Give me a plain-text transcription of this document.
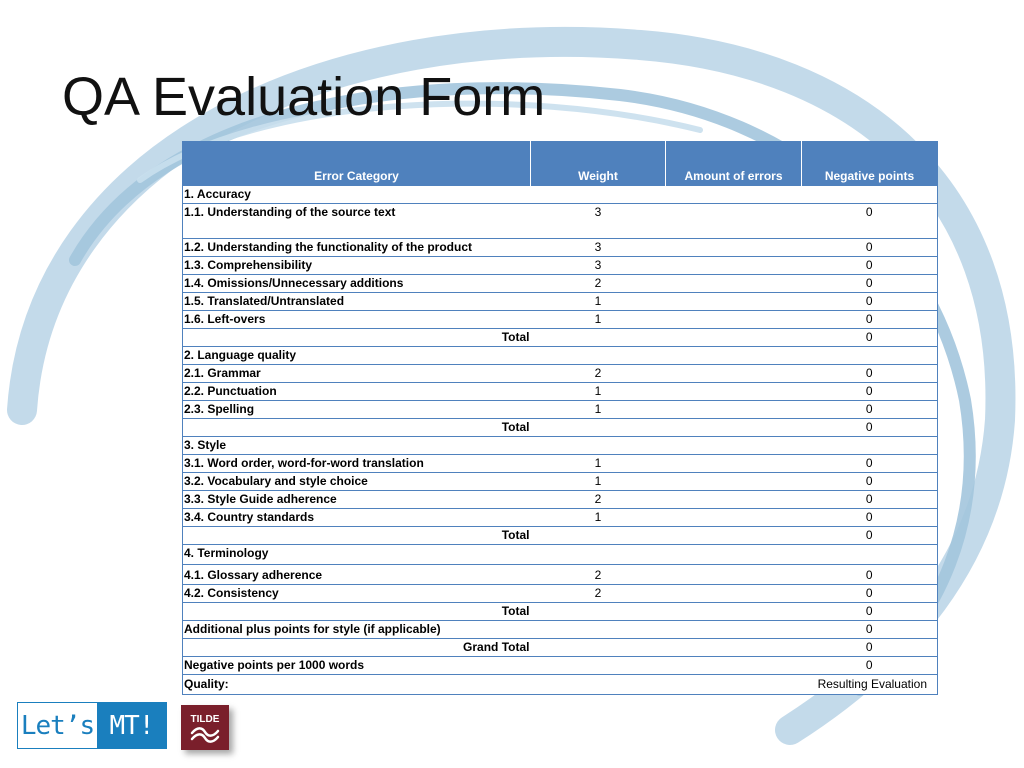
QA Evaluation Form
Error Category	Weight	Amount of errors	Negative points
1. Accuracy			
1.1. Understanding of the source text	3		0
1.2. Understanding the functionality of the product	3		0
1.3. Comprehensibility	3		0
1.4. Omissions/Unnecessary additions	2		0
1.5. Translated/Untranslated	1		0
1.6. Left-overs	1		0
Total			0
2. Language quality			
2.1. Grammar	2		0
2.2. Punctuation	1		0
2.3. Spelling	1		0
Total			0
3. Style			
3.1. Word order, word-for-word translation	1		0
3.2. Vocabulary and style choice	1		0
3.3. Style Guide adherence	2		0
3.4. Country standards	1		0
Total			0
4. Terminology			
4.1. Glossary adherence	2		0
4.2. Consistency	2		0
Total			0
Additional plus points for style (if applicable)			0
Grand Total			0
Negative points per 1000 words			0
Quality:		Resulting Evaluation	
Let’s MT!	TILDE
